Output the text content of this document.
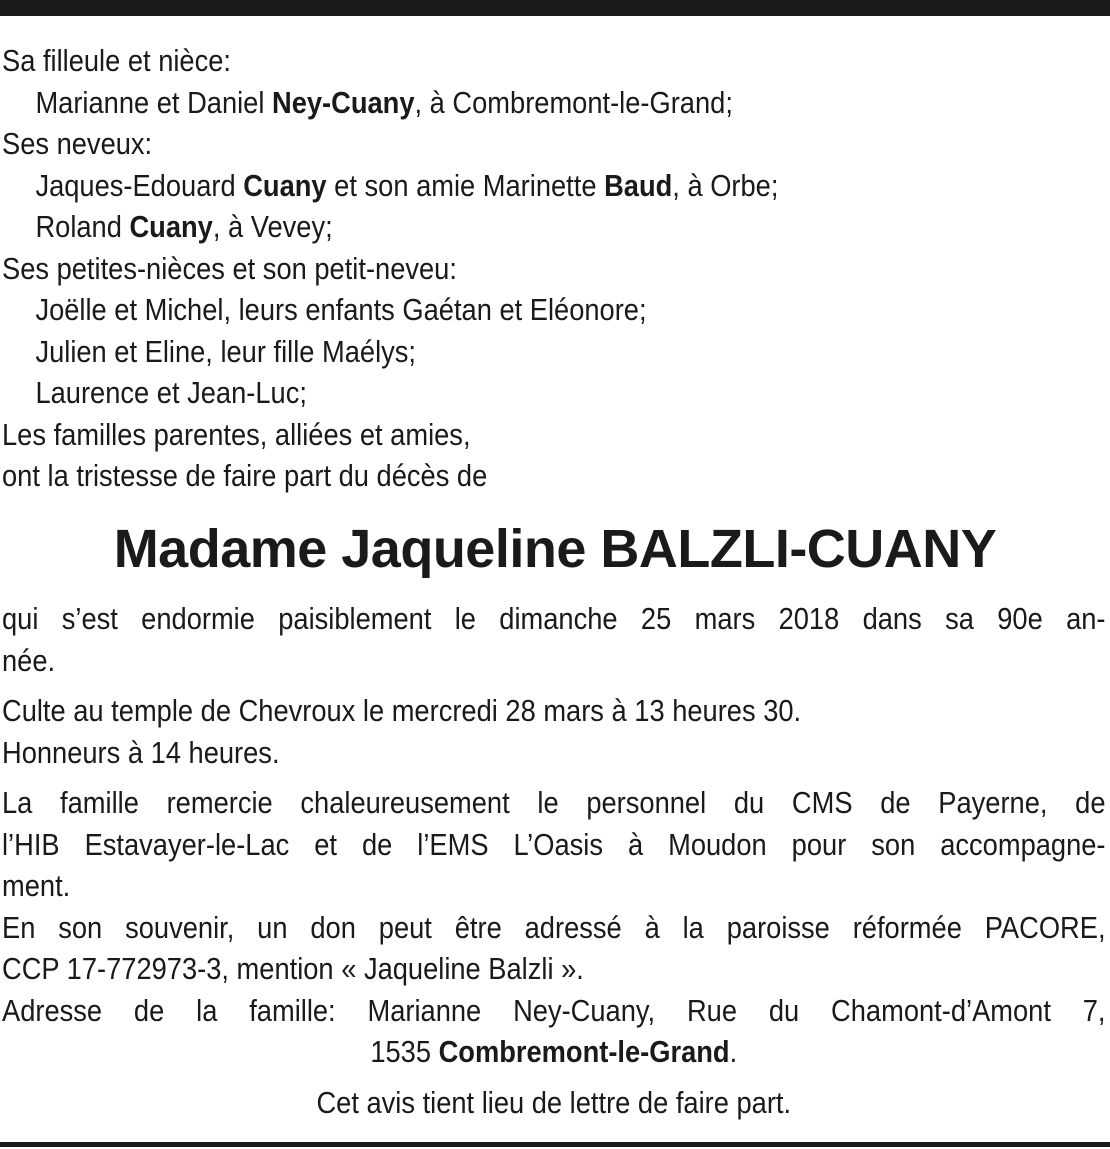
Sa filleule et nièce:
Marianne et Daniel Ney-Cuany, à Combremont-le-Grand;
Ses neveux:
Jaques-Edouard Cuany et son amie Marinette Baud, à Orbe;
Roland Cuany, à Vevey;
Ses petites-nièces et son petit-neveu:
Joëlle et Michel, leurs enfants Gaétan et Eléonore;
Julien et Eline, leur fille Maélys;
Laurence et Jean-Luc;
Les familles parentes, alliées et amies,
ont la tristesse de faire part du décès de
Madame Jaqueline BALZLI-CUANY
qui s’est endormie paisiblement le dimanche 25 mars 2018 dans sa 90e an-
née.
Culte au temple de Chevroux le mercredi 28 mars à 13 heures 30.
Honneurs à 14 heures.
La famille remercie chaleureusement le personnel du CMS de Payerne, de
l’HIB Estavayer-le-Lac et de l’EMS L’Oasis à Moudon pour son accompagne-
ment.
En son souvenir, un don peut être adressé à la paroisse réformée PACORE,
CCP 17-772973-3, mention « Jaqueline Balzli ».
Adresse de la famille: Marianne Ney-Cuany, Rue du Chamont-d’Amont 7,
1535 Combremont-le-Grand.
Cet avis tient lieu de lettre de faire part.
